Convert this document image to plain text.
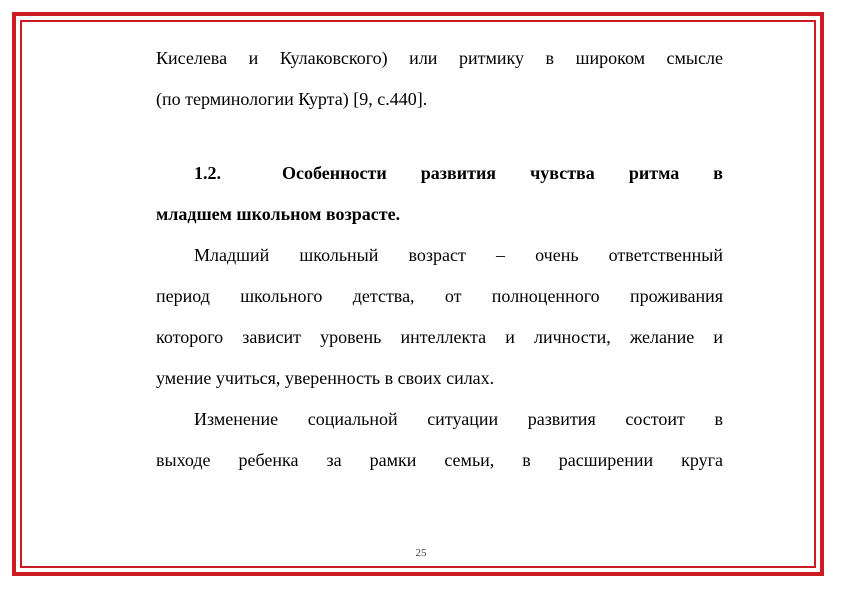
Киселева и Кулаковского) или ритмику в широком смысле

(по терминологии Курта) [9, с.440].

1.2.	Особенности развития чувства ритма в

младшем школьном возрасте.

Младший школьный возраст – очень ответственный

период школьного детства, от полноценного проживания

которого зависит уровень интеллекта и личности, желание и

умение учиться, уверенность в своих силах.

Изменение социальной ситуации развития состоит в

выходе ребенка за рамки семьи, в расширении круга

25
